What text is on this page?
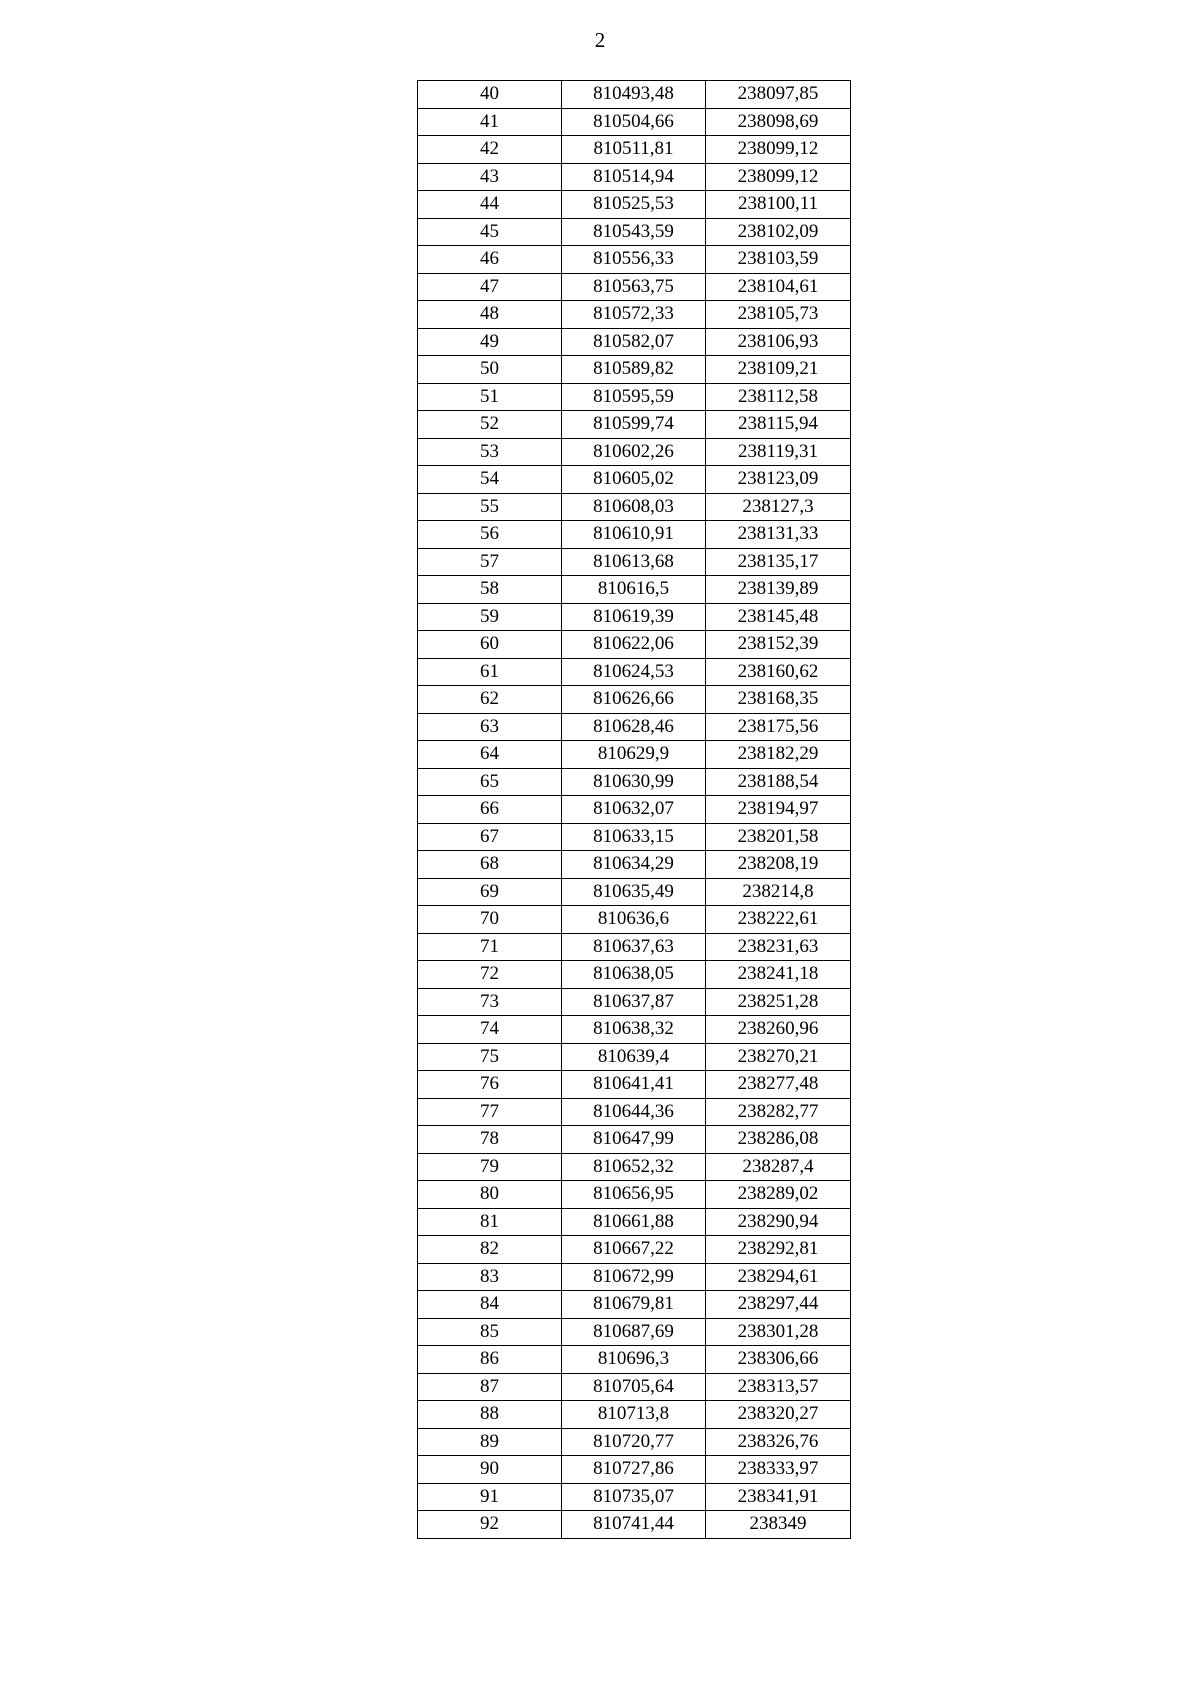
2
40	810493,48	238097,85
41	810504,66	238098,69
42	810511,81	238099,12
43	810514,94	238099,12
44	810525,53	238100,11
45	810543,59	238102,09
46	810556,33	238103,59
47	810563,75	238104,61
48	810572,33	238105,73
49	810582,07	238106,93
50	810589,82	238109,21
51	810595,59	238112,58
52	810599,74	238115,94
53	810602,26	238119,31
54	810605,02	238123,09
55	810608,03	238127,3
56	810610,91	238131,33
57	810613,68	238135,17
58	810616,5	238139,89
59	810619,39	238145,48
60	810622,06	238152,39
61	810624,53	238160,62
62	810626,66	238168,35
63	810628,46	238175,56
64	810629,9	238182,29
65	810630,99	238188,54
66	810632,07	238194,97
67	810633,15	238201,58
68	810634,29	238208,19
69	810635,49	238214,8
70	810636,6	238222,61
71	810637,63	238231,63
72	810638,05	238241,18
73	810637,87	238251,28
74	810638,32	238260,96
75	810639,4	238270,21
76	810641,41	238277,48
77	810644,36	238282,77
78	810647,99	238286,08
79	810652,32	238287,4
80	810656,95	238289,02
81	810661,88	238290,94
82	810667,22	238292,81
83	810672,99	238294,61
84	810679,81	238297,44
85	810687,69	238301,28
86	810696,3	238306,66
87	810705,64	238313,57
88	810713,8	238320,27
89	810720,77	238326,76
90	810727,86	238333,97
91	810735,07	238341,91
92	810741,44	238349
